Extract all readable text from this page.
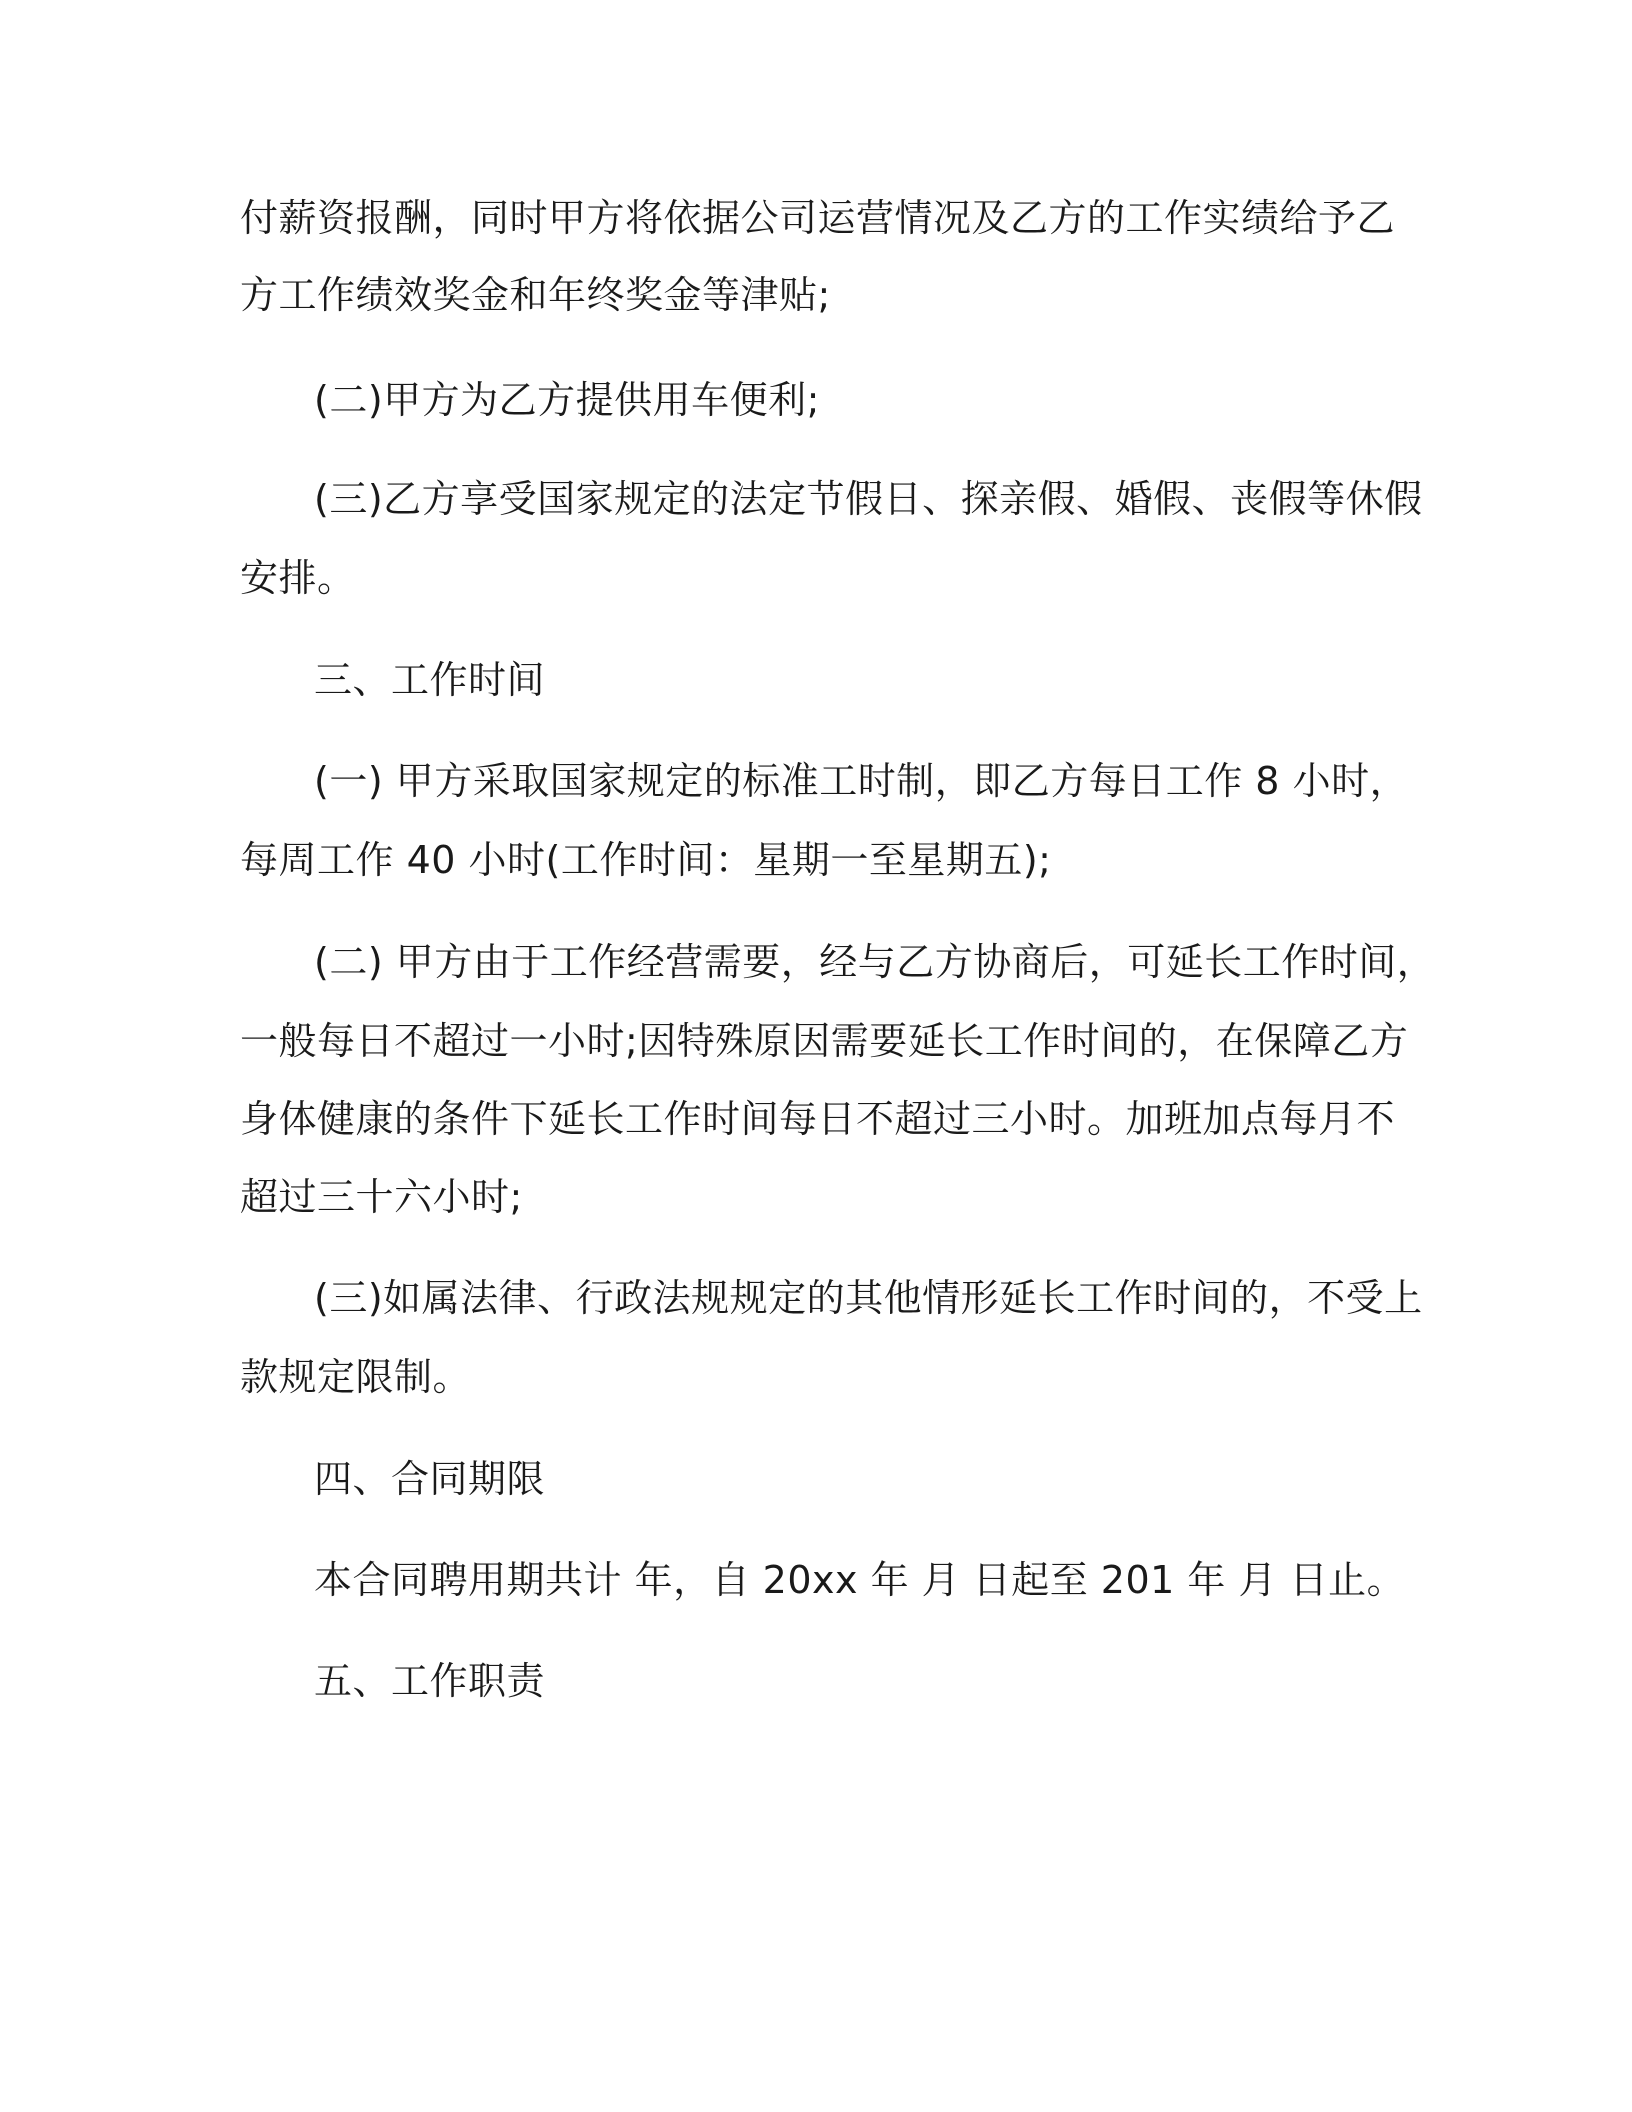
付薪资报酬，同时甲方将依据公司运营情况及乙方的工作实绩给予乙
方工作绩效奖金和年终奖金等津贴;
(二)甲方为乙方提供用车便利;
(三)乙方享受国家规定的法定节假日、探亲假、婚假、丧假等休假
安排。
三、工作时间
(一) 甲方采取国家规定的标准工时制，即乙方每日工作 8 小时，
每周工作 40 小时(工作时间：星期一至星期五);
(二) 甲方由于工作经营需要，经与乙方协商后，可延长工作时间，
一般每日不超过一小时;因特殊原因需要延长工作时间的，在保障乙方
身体健康的条件下延长工作时间每日不超过三小时。加班加点每月不
超过三十六小时;
(三)如属法律、行政法规规定的其他情形延长工作时间的，不受上
款规定限制。
四、合同期限
本合同聘用期共计 年，自 20xx 年 月 日起至 201 年 月 日止。
五、工作职责
